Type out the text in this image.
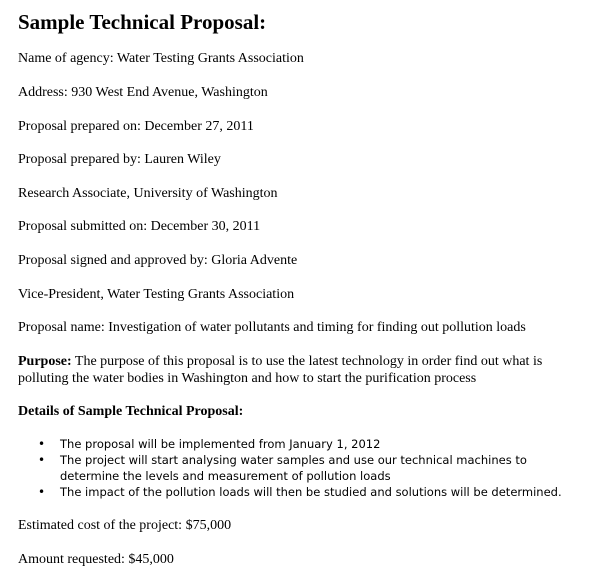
Sample Technical Proposal:

Name of agency: Water Testing Grants Association

Address: 930 West End Avenue, Washington

Proposal prepared on: December 27, 2011

Proposal prepared by: Lauren Wiley

Research Associate, University of Washington

Proposal submitted on: December 30, 2011

Proposal signed and approved by: Gloria Advente

Vice-President, Water Testing Grants Association

Proposal name: Investigation of water pollutants and timing for finding out pollution loads

Purpose: The purpose of this proposal is to use the latest technology in order find out what is polluting the water bodies in Washington and how to start the purification process

Details of Sample Technical Proposal:

• The proposal will be implemented from January 1, 2012
• The project will start analysing water samples and use our technical machines to determine the levels and measurement of pollution loads
• The impact of the pollution loads will then be studied and solutions will be determined.

Estimated cost of the project: $75,000

Amount requested: $45,000
